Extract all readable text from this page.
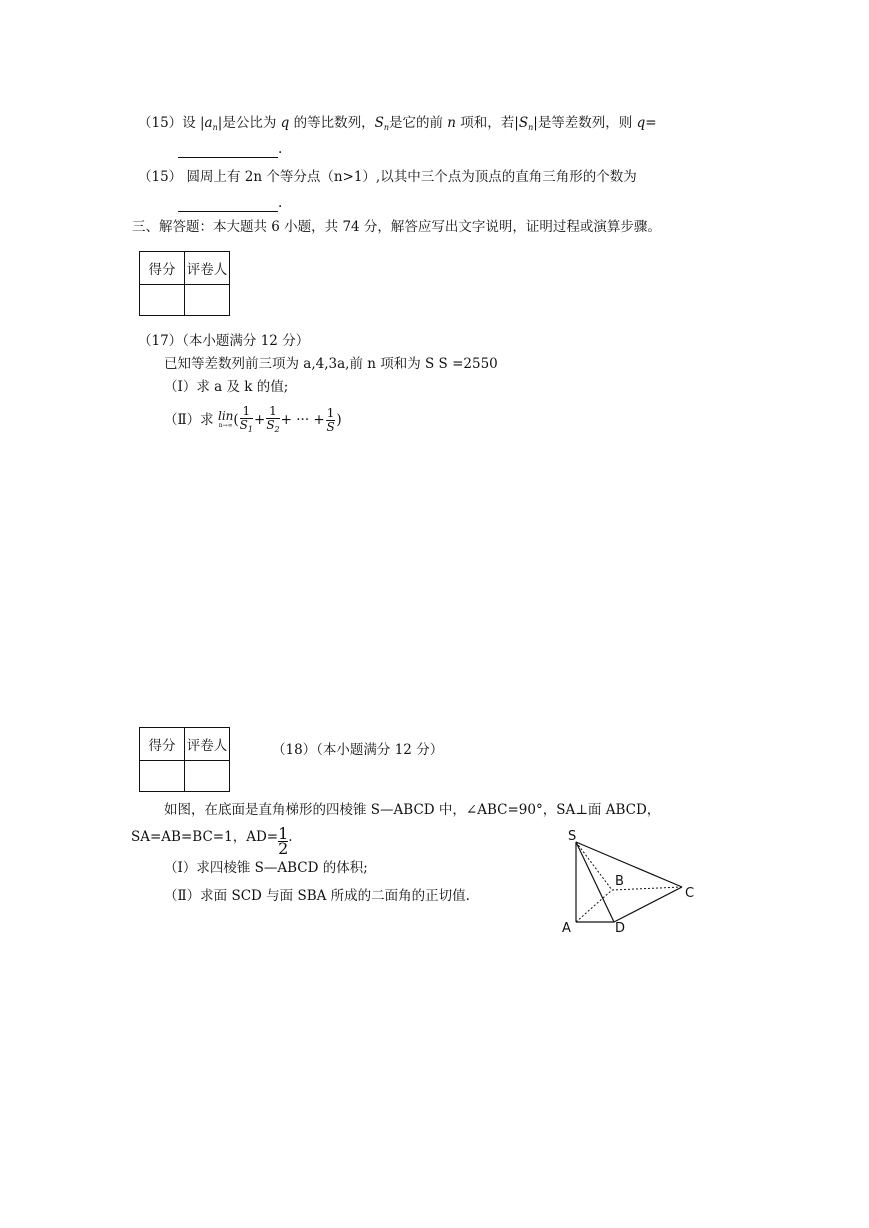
（15）设 $|a_n|$是公比为 q 的等比数列，$S_n$是它的前 n 项和，若$|S_n|$是等差数列，则 q=
.
（15） 圆周上有 2n 个等分点（n>1）,以其中三个点为顶点的直角三角形的个数为
.
三、解答题：本大题共 6 小题，共 74 分，解答应写出文字说明，证明过程或演算步骤。
得分	评卷人

（17）（本小题满分 12 分）
已知等差数列前三项为 a,4,3a,前 n 项和为 S S =2550
（Ⅰ）求 a 及 k 的值;
（Ⅱ）求 lin
n→∞ ( $\frac{1}{S_1} + \frac{1}{S_2}$ + ··· + $\frac{1}{S}$ )
得分	评卷人
		（18）（本小题满分 12 分）
如图，在底面是直角梯形的四棱锥 S—ABCD 中，∠ABC=90°，SA⊥面 ABCD，
SA=AB=BC=1，$AD= \frac{1}{2}$ .
（Ⅰ）求四棱锥 S—ABCD 的体积;
（Ⅱ）求面 SCD 与面 SBA 所成的二面角的正切值.
S
A
B
C
D
